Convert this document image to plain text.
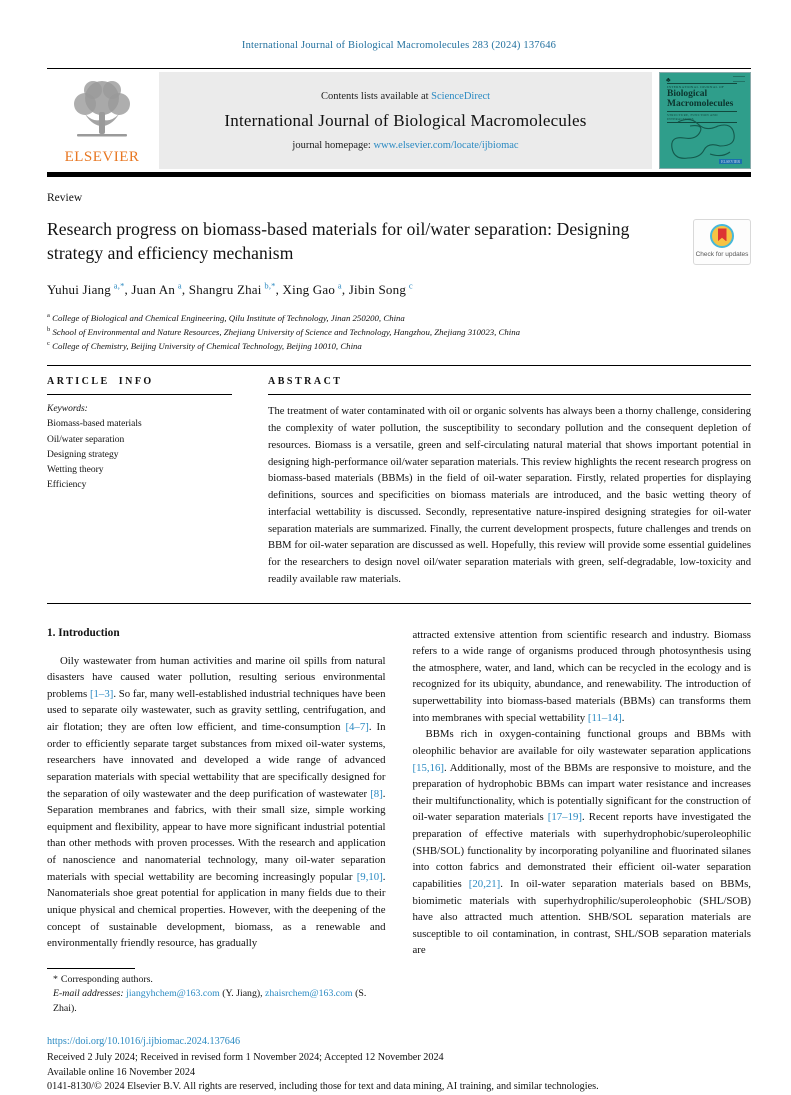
International Journal of Biological Macromolecules 283 (2024) 137646
ELSEVIER
Contents lists available at ScienceDirect
International Journal of Biological Macromolecules
journal homepage: www.elsevier.com/locate/ijbiomac
♣
INTERNATIONAL JOURNAL OF
Biological Macromolecules
STRUCTURE, FUNCTION AND INTERACTIONS
ELSEVIER
Review
Research progress on biomass-based materials for oil/water separation: Designing strategy and efficiency mechanism	Check for updates
Yuhui Jiang  $^{a,*}$, Juan An  $^a$, Shangru Zhai  $^{b,*}$, Xing Gao  $^a$, Jibin Song  $^c$
$^a$ College of Biological and Chemical Engineering, Qilu Institute of Technology, Jinan 250200, China
$^b$ School of Environmental and Nature Resources, Zhejiang University of Science and Technology, Hangzhou, Zhejiang 310023, China
$^c$ College of Chemistry, Beijing University of Chemical Technology, Beijing 10010, China
ARTICLE INFO
Keywords:
Biomass-based materials
Oil/water separation
Designing strategy
Wetting theory
Efficiency
ABSTRACT
The treatment of water contaminated with oil or organic solvents has always been a thorny challenge, considering the complexity of water pollution, the susceptibility to secondary pollution and the consequent depletion of resources. Biomass is a versatile, green and self-circulating natural material that shows important potential in designing high-performance oil/water separation materials. This review highlights the recent research progress on biomass-based materials (BBMs) in the field of oil-water separation. Firstly, related properties for displaying definitions, sources and specificities on biomass materials are introduced, and the basic wetting theory of interfacial wettability is discussed. Secondly, representative nature-inspired designing strategies for oil-water separation materials are summarized. Finally, the current development prospects, future challenges and trends on BBM for oil-water separation are discussed as well. Hopefully, this review will provide some essential guidelines for the researchers to design novel oil/water separation materials with green, self-degradable, low-toxicity and readily available raw materials.
1. Introduction

Oily wastewater from human activities and marine oil spills from natural disasters have caused water pollution, resulting serious environmental problems [1–3]. So far, many well-established industrial techniques have been used to separate oily wastewater, such as gravity settling, centrifugation, and air flotation; they are often low efficient, and time-consumption [4–7]. In order to efficiently separate target substances from mixed oil-water systems, researchers have innovated and developed a wide range of advanced separation materials with special wettability that are specifically designed for the separation of oily wastewater and the deep purification of wastewater [8]. Separation membranes and fabrics, with their small size, simple working equipment and flexibility, appear to have more significant industrial potential than other methods with proven processes. With the research and application of nanoscience and nanomaterial technology, many oil-water separation materials with special wettability are becoming increasingly popular [9,10]. Nanomaterials shoe great potential for application in many fields due to their unique physical and chemical properties. However, with the deepening of the concept of sustainable development, biomass, as a renewable and environmentally friendly resource, has gradually

* Corresponding authors.
E-mail addresses: jiangyhchem@163.com (Y. Jiang), zhaisrchem@163.com (S. Zhai).

attracted extensive attention from scientific research and industry. Biomass refers to a wide range of organisms produced through photosynthesis using the atmosphere, water, and land, which can be recycled in the ecology and is recognized for its ubiquity, abundance, and renewability. The introduction of superwettability into biomass-based materials (BBMs) can transforms them into membranes with special wettability [11–14].

BBMs rich in oxygen-containing functional groups and BBMs with oleophilic behavior are available for oily wastewater separation applications [15,16]. Additionally, most of the BBMs are responsive to moisture, and the preparation of hydrophobic BBMs can impart water resistance and increases their multifunctionality, which is potentially significant for the construction of oil-water separation materials [17–19]. Recent reports have investigated the preparation of effective materials with superhydrophobic/superoleophilic (SHB/SOL) functionality by incorporating polyaniline and fluorinated silanes into cotton fabrics and demonstrated their efficient oil-water separation capabilities [20,21]. In oil-water separation materials based on BBMs, biomimetic materials with superhydrophilic/superoleophobic (SHL/SOB) have also attracted much attention. SHB/SOL separation materials are susceptible to oil contamination, in contrast, SHL/SOB separation materials are

https://doi.org/10.1016/j.ijbiomac.2024.137646
Received 2 July 2024; Received in revised form 1 November 2024; Accepted 12 November 2024
Available online 16 November 2024
0141-8130/© 2024 Elsevier B.V. All rights are reserved, including those for text and data mining, AI training, and similar technologies.
